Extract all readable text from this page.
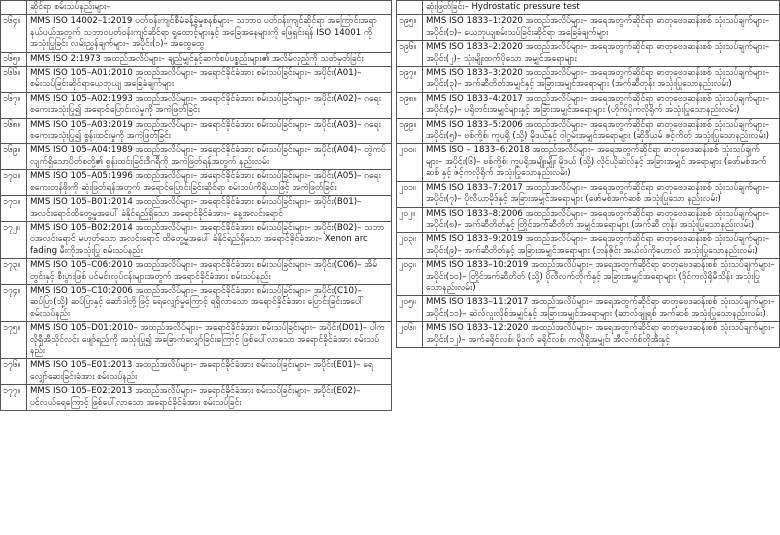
	ဆိုင်ရာ စမ်းသပ်နည်းများ–
၁၆၄။	MMS ISO 14002–1:2019 ပတ်ဝန်းကျင်စီမံခန့်ခွဲမှုစနစ်များ– သဘာဝ ပတ်ဝန်းကျင်ဆိုင်ရာ အကြောင်းအရာနယ်ပယ်အတွက် သဘာဝပတ်ဝန်းကျင်ဆိုင်ရာ ရှုထောင့်များနှင့် အခြေအနေများကို ဖြေရှင်းရန် ISO 14001 ကို အသုံးပြုခြင်း လမ်းညွှန်ချက်များ– အပိုင်း(၁)– အထွေထွေ
၁၆၅။	MMS ISO 2:1973 အထည်အလိပ်များ– ချည်မျှင်နှင့်ဆက်စပ်ပစ္စည်းများ၏ အလိမ်လှည့်ကို သတ်မှတ်ခြင်း
၁၆၆။	MMS ISO 105–A01:2010 အထည်အလိပ်များ– အရောင်ခိုင်ခံအား စမ်းသပ်ခြင်းများ– အပိုင်း(A01)– စမ်းသပ်ခြင်းဆိုင်ရာယေဘုယျ အခြေခံချက်များ
၁၆၇။	MMS ISO 105–A02:1993 အထည်အလိပ်များ– အရောင်ခိုင်ခံအား စမ်းသပ်ခြင်းများ– အပိုင်း(A02)– ဂရေးစကေးအသုံးပြု၍ အရောင်ပြောင်းလဲမှုကို အကဲဖြတ်ခြင်း
၁၆၈။	MMS ISO 105–A03:2019 အထည်အလိပ်များ– အရောင်ခိုင်ခံအား စမ်းသပ်ခြင်းများ– အပိုင်း(A03)– ဂရေးစကေးအသုံးပြု၍ စွန်းထင်းမှုကို အကဲဖြတ်ခြင်း
၁၆၉။	MMS ISO 105–A04:1989 အထည်အလိပ်များ– အရောင်ခိုင်ခံအား စမ်းသပ်ခြင်းများ– အပိုင်း(A04)– တွဲကပ်လျက်ရှိသောပိတ်စတို့၏ စွန်းထင်းခြင်းဒီဂရီကို အကဲဖြတ်ရန်အတွက် နည်းလမ်း
၁၇၀။	MMS ISO 105–A05:1996 အထည်အလိပ်များ– အရောင်ခိုင်ခံအား စမ်းသပ်ခြင်းများ– အပိုင်း(A05)– ဂရေးစကေးတန်ဖိုးကို ဆုံးဖြတ်ရန်အတွက် အရောင်ပြောင်းခြင်းဆိုင်ရာ စမ်းသပ်ကိရိယာဖြင့် အကဲဖြတ်ခြင်း
၁၇၁။	MMS ISO 105–B01:2014 အထည်အလိပ်များ– အရောင်ခိုင်ခံအား စမ်းသပ်ခြင်းများ– အပိုင်း(B01)– အလင်းရောင်ထိတွေ့မှုအပေါ် ခံနိုင်ရည်ရှိသော အရောင်ခိုင်ခံအား– နေ့အလင်းရောင်
၁၇၂။	MMS ISO 105–B02:2014 အထည်အလိပ်များ– အရောင်ခိုင်ခံအား စမ်းသပ်ခြင်းများ– အပိုင်း(B02)– သဘာဝအလင်းရောင် မဟုတ်သော အလင်းရောင် ထိတွေ့မှုအပေါ် ခံနိုင်ရည်ရှိသော အရောင်ခိုင်ခံအား– Xenon arc fading မီးကိုအသုံးပြု စမ်းသပ်နည်း
၁၇၃။	MMS ISO 105–C06:2010 အထည်အလိပ်များ– အရောင်ခိုင်ခံအား စမ်းသပ်ခြင်းများ– အပိုင်း(C06)– အိမ်တွင်းနှင့် စီးပွားဖြစ် ပင်မင်းလုပ်ငန်းများအတွက် အရောင်ခိုင်ခံအား စမ်းသပ်နည်း
၁၇၄။	MMS ISO 105–C10:2006 အထည်အလိပ်များ– အရောင်ခိုင်ခံအား စမ်းသပ်ခြင်းများ– အပိုင်း(C10)– ဆပ်ပြာ(သို့) ဆပ်ပြာနှင့် ဆော်ဒါတို့ဖြင့် ရေလျှော်မှုကြောင့် ရရှိလာသော အရောင်ခိုင်ခံအား ပြောင်းခြင်းအပေါ် စမ်းသပ်နည်း
၁၇၅။	MMS ISO 105–D01:2010– အထည်အလိပ်များ– အရောင်ခိုင်ခံအား စမ်းသပ်ခြင်းများ– အပိုင်း(D01)– ပါကလိုရှီအီသိုင်လင်း ဖျော်ရည်ကို အသုံးပြု၍ အခြောက်လျှော်ခြင်းကြောင့် ဖြစ်ပေါ်လာသော အရောင်ခိုင်ခံအား စမ်းသပ်နည်း
၁၇၆။	MMS ISO 105–E01:2013 အထည်အလိပ်များ– အရောင်ခိုင်ခံအား စမ်းသပ်ခြင်းများ– အပိုင်း(E01)– ရေလျှော်ဆေးခြင်းခံအား စမ်းသပ်နည်း
၁၇၇။	MMS ISO 105–E02:2013 အထည်အလိပ်များ– အရောင်ခိုင်ခံအား စမ်းသပ်ခြင်းများ– အပိုင်း(E02)– ပင်လယ်ရေကြောင့် ဖြစ်ပေါ်လာသော အရောင်ခိုင်ခံအား စမ်းသပ်ခြင်း
	ဆုံးဖြတ်ခြင်း– Hydrostatic pressure test
၁၉၅။	MMS ISO 1833–1:2020 အထည်အလိပ်များ– အရေအတွက်ဆိုင်ရာ ဓာတုဗေဒဆန်းစစ် သုံးသပ်ချက်များ– အပိုင်း(၁)– ယေဘုယျစမ်းသပ်ခြင်းဆိုင်ရာ အခြေခံချက်များ
၁၉၆။	MMS ISO 1833–2:2020 အထည်အလိပ်များ– အရေအတွက်ဆိုင်ရာ ဓာတုဗေဒဆန်းစစ် သုံးသပ်ချက်များ– အပိုင်း(၂)– သုံးမျိုးထက်ပိုသော အမျှင်အရောများ
၁၉၇။	MMS ISO 1833–3:2020 အထည်အလိပ်များ– အရေအတွက်ဆိုင်ရာ ဓာတုဗေဒဆန်းစစ် သုံးသပ်ချက်များ– အပိုင်း(၃)– အက်ဆီတိတ်အမျှင်နှင့် အခြားအမျှင်အရောများ (အက်ဆီတုန်း အသုံးပြုသောနည်းလမ်း)
၁၉၈။	MMS ISO 1833–4:2017 အထည်အလိပ်များ– အရေအတွက်ဆိုင်ရာ ဓာတုဗေဒဆန်းစစ် သုံးသပ်ချက်များ– အပိုင်း(၄)– ပရိုတင်းအမျှင်များနှင့် အခြားအမျှင်အရောများ (ဟိုက်ပိုကလိုရိုက် အသုံးပြုသောနည်းလမ်း)
၁၉၉။	MMS ISO 1833–5:2006 အထည်အလိပ်များ– အရေအတွက်ဆိုင်ရာ ဓာတုဗေဒဆန်းစစ် သုံးသပ်ချက်များ– အပိုင်း(၅)– ဗစ်ကို့စ်၊ ကူပရို (သို့) မိုဒယ်နှင့် ဝါဂွမ်းအမျှင်အရောများ (ဆိုဒီယမ် ဇင့်ကိတ် အသုံးပြုသောနည်းလမ်း)
၂၀၀။	MMS ISO – 1833–6:2018 အထည်အလိပ်များ– အရေအတွက်ဆိုင်ရာ ဓာတုဗေဒဆန်းစစ် သုံးသပ်ချက်များ– အပိုင်း(၆)– ဗစ်ကို့စ်၊ ကူပရိုအမျိုးမျိုး မိုဒယ် (သို့) လိုင်ယိုဆဲလ်နှင့် အခြားအမျှင် အရောများ (ဖော်မစ်အက်ဆစ် နှင့် ဇင့်ကလိုရိုက် အသုံးပြုသောနည်းလမ်း)
၂၀၁။	MMS ISO 1833–7:2017 အထည်အလိပ်များ– အရေအတွက်ဆိုင်ရာ ဓာတုဗေဒဆန်းစစ် သုံးသပ်ချက်များ– အပိုင်း(၇)– ပိုလီယာမိုဒ်နှင့် အခြားအမျှင်အရောများ (ဖော်မစ်အက်ဆစ် အသုံးပြုသော နည်းလမ်း)
၂၀၂။	MMS ISO 1833–8:2006 အထည်အလိပ်များ– အရေအတွက်ဆိုင်ရာ ဓာတုဗေဒဆန်းစစ် သုံးသပ်ချက်များ– အပိုင်း(၈)– အက်ဆီတိတ်နှင့် တြိုင်အက်ဆီတိတ် အမျှင်အရောများ (အက်ဆီ တုန်း အသုံးပြုသောနည်းလမ်း)
၂၀၃။	MMS ISO 1833–9:2019 အထည်အလိပ်များ– အရေအတွက်ဆိုင်ရာ ဓာတုဗေဒဆန်းစစ် သုံးသပ်ချက်များ– အပိုင်း(၉)– အက်ဆီတိတ်နှင့် အခြားအမျှင်အရောများ (ဘန်ဇိုင်း အယ်လ်ကိုဟောလ် အသုံးပြုသောနည်းလမ်း)
၂၀၄။	MMS ISO 1833–10:2019 အထည်အလိပ်များ– အရေအတွက်ဆိုင်ရာ ဓာတုဗေဒဆန်းစစ် သုံးသပ်ချက်များ– အပိုင်း(၁၀)– တြိုင်အက်ဆီတိတ် (သို့) ပိုလီလက်တိုက်နှင့် အခြားအမျှင်အရောများ (ဒိုင်ကလိုရိုမီသိန်း အသုံးပြုသောနည်းလမ်း)
၂၀၅။	MMS ISO 1833–11:2017 အထည်အလိပ်များ– အရေအတွက်ဆိုင်ရာ ဓာတုဗေဒဆန်းစစ် သုံးသပ်ချက်များ– အပိုင်း(၁၁)– ဆဲလ်လူးလိုစ်အမျှင်နှင့် အခြားအမျှင်အရောများ (ဆာလ်ဖျူရစ် အက်ဆစ် အသုံးပြုသောနည်းလမ်း)
၂၀၆။	MMS ISO 1833–12:2020 အထည်အလိပ်များ– အရေအတွက်ဆိုင်ရာ ဓာတုဗေဒဆန်းစစ် သုံးသပ်ချက်များ– အပိုင်း(၁၂)– အက်ခရိုင်လစ်၊ မိုဒက် ခရိုင်လစ်၊ ကလိုရိုအမျှင်၊ အီလက်စ်တိုအီးနှင့်
